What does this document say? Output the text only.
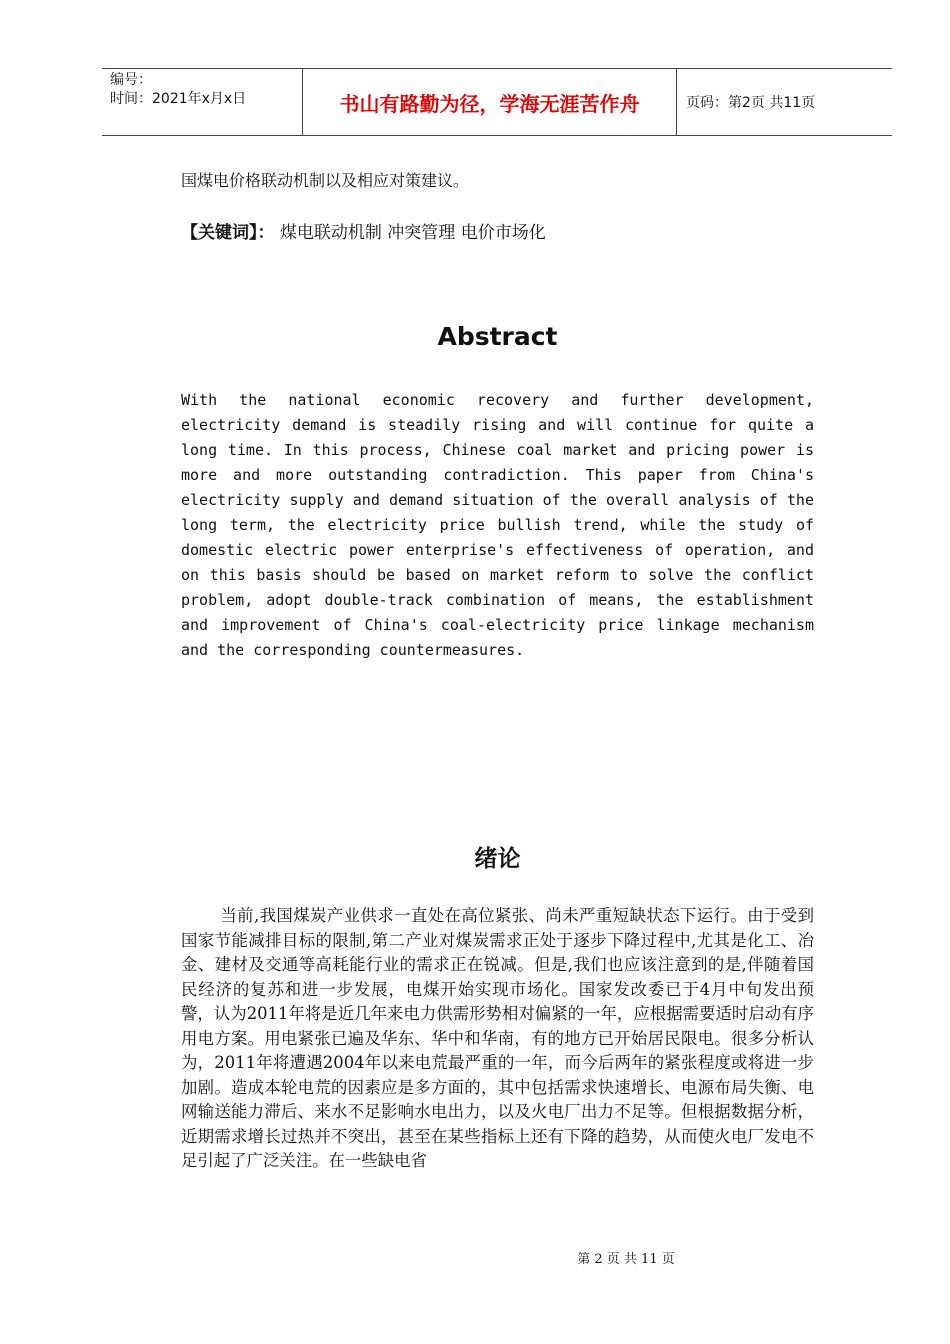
编号：
时间：2021年x月x日	书山有路勤为径，学海无涯苦作舟	页码：第2页 共11页
国煤电价格联动机制以及相应对策建议。
【关键词】： 煤电联动机制 冲突管理 电价市场化
Abstract
With the national economic recovery and further development, electricity demand is steadily rising and will continue for quite a long time. In this process, Chinese coal market and pricing power is more and more outstanding contradiction. This paper from China's electricity supply and demand situation of the overall analysis of the long term, the electricity price bullish trend, while the study of domestic electric power enterprise's effectiveness of operation, and on this basis should be based on market reform to solve the conflict problem, adopt double-track combination of means, the establishment and improvement of China's coal-electricity price linkage mechanism and the corresponding countermeasures.
绪论
当前,我国煤炭产业供求一直处在高位紧张、尚未严重短缺状态下运行。由于受到国家节能减排目标的限制,第二产业对煤炭需求正处于逐步下降过程中,尤其是化工、冶金、建材及交通等高耗能行业的需求正在锐减。但是,我们也应该注意到的是,伴随着国民经济的复苏和进一步发展，电煤开始实现市场化。国家发改委已于4月中旬发出预警，认为2011年将是近几年来电力供需形势相对偏紧的一年，应根据需要适时启动有序用电方案。用电紧张已遍及华东、华中和华南，有的地方已开始居民限电。很多分析认为，2011年将遭遇2004年以来电荒最严重的一年，而今后两年的紧张程度或将进一步加剧。造成本轮电荒的因素应是多方面的，其中包括需求快速增长、电源布局失衡、电网输送能力滞后、来水不足影响水电出力，以及火电厂出力不足等。但根据数据分析，近期需求增长过热并不突出，甚至在某些指标上还有下降的趋势，从而使火电厂发电不足引起了广泛关注。在一些缺电省
第 2 页 共 11 页
